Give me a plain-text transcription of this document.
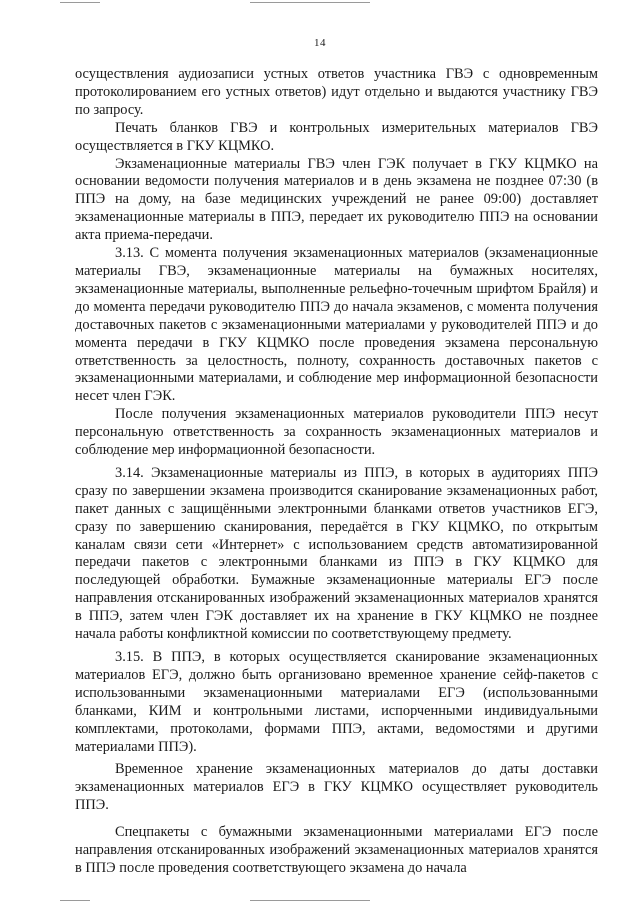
14

осуществления аудиозаписи устных ответов участника ГВЭ с одновременным протоколированием его устных ответов) идут отдельно и выдаются участнику ГВЭ по запросу.

Печать бланков ГВЭ и контрольных измерительных материалов ГВЭ осуществляется в ГКУ КЦМКО.

Экзаменационные материалы ГВЭ член ГЭК получает в ГКУ КЦМКО на основании ведомости получения материалов и в день экзамена не позднее 07:30 (в ППЭ на дому, на базе медицинских учреждений не ранее 09:00) доставляет экзаменационные материалы в ППЭ, передает их руководителю ППЭ на основании акта приема-передачи.

3.13. С момента получения экзаменационных материалов (экзаменационные материалы ГВЭ, экзаменационные материалы на бумажных носителях, экзаменационные материалы, выполненные рельефно-точечным шрифтом Брайля) и до момента передачи руководителю ППЭ до начала экзаменов, с момента получения доставочных пакетов с экзаменационными материалами у руководителей ППЭ и до момента передачи в ГКУ КЦМКО после проведения экзамена персональную ответственность за целостность, полноту, сохранность доставочных пакетов с экзаменационными материалами, и соблюдение мер информационной безопасности несет член ГЭК.

После получения экзаменационных материалов руководители ППЭ несут персональную ответственность за сохранность экзаменационных материалов и соблюдение мер информационной безопасности.

3.14. Экзаменационные материалы из ППЭ, в которых в аудиториях ППЭ сразу по завершении экзамена производится сканирование экзаменационных работ, пакет данных с защищёнными электронными бланками ответов участников ЕГЭ, сразу по завершению сканирования, передаётся в ГКУ КЦМКО, по открытым каналам связи сети «Интернет» с использованием средств автоматизированной передачи пакетов с электронными бланками из ППЭ в ГКУ КЦМКО для последующей обработки. Бумажные экзаменационные материалы ЕГЭ после направления отсканированных изображений экзаменационных материалов хранятся в ППЭ, затем член ГЭК доставляет их на хранение в ГКУ КЦМКО не позднее начала работы конфликтной комиссии по соответствующему предмету.

3.15. В ППЭ, в которых осуществляется сканирование экзаменационных материалов ЕГЭ, должно быть организовано временное хранение сейф-пакетов с использованными экзаменационными материалами ЕГЭ (использованными бланками, КИМ и контрольными листами, испорченными индивидуальными комплектами, протоколами, формами ППЭ, актами, ведомостями и другими материалами ППЭ).

Временное хранение экзаменационных материалов до даты доставки экзаменационных материалов ЕГЭ в ГКУ КЦМКО осуществляет руководитель ППЭ.

Спецпакеты с бумажными экзаменационными материалами ЕГЭ после направления отсканированных изображений экзаменационных материалов хранятся в ППЭ после проведения соответствующего экзамена до начала
